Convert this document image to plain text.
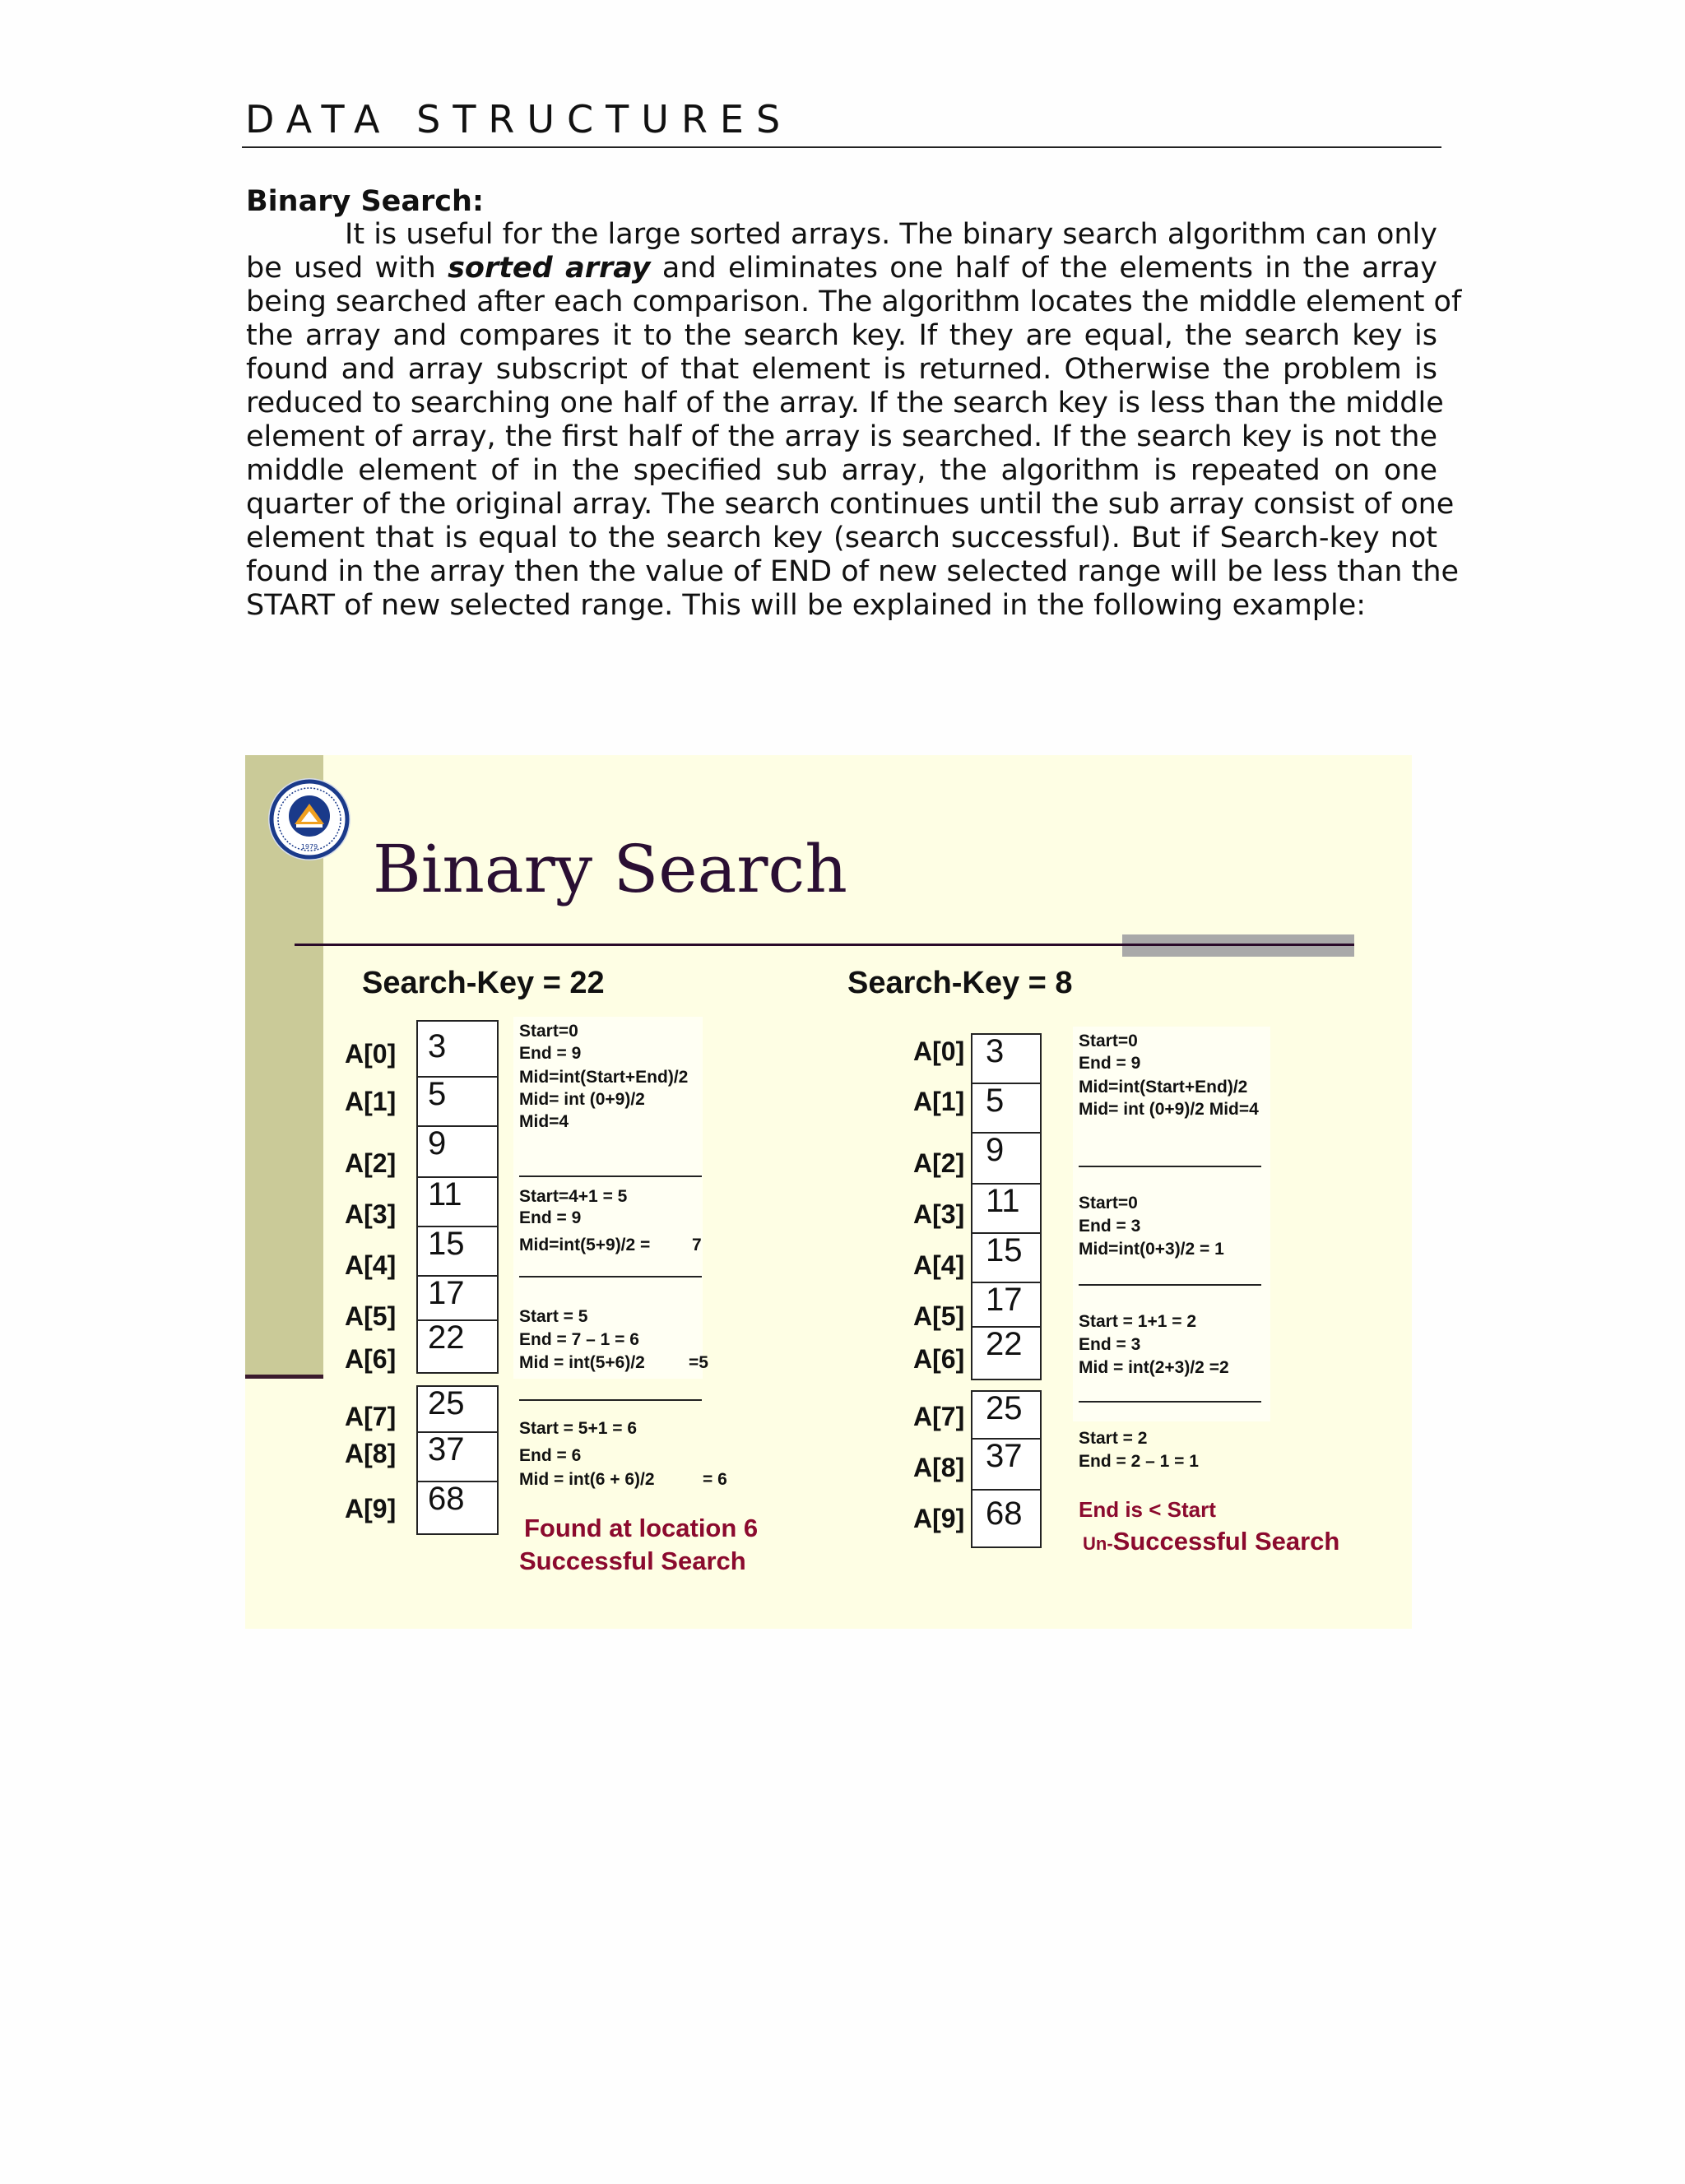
DATA STRUCTURES
Binary Search:
It is useful for the large sorted arrays. The binary search algorithm can only
be used with sorted array and eliminates one half of the elements in the array
being searched after each comparison. The algorithm locates the middle element of
the array and compares it to the search key. If they are equal, the search key is
found and array subscript of that element is returned. Otherwise the problem is
reduced to searching one half of the array. If the search key is less than the middle
element of array, the first half of the array is searched. If the search key is not the
middle element of in the specified sub array, the algorithm is repeated on one
quarter of the original array. The search continues until the sub array consist of one
element that is equal to the search key (search successful). But if Search-key not
found in the array then the value of END of new selected range will be less than the
START of new selected range. This will be explained in the following example:
1979 Binary Search
Search-Key = 22
A[0]
A[1]
A[2]
A[3]
A[4]
A[5]
A[6]
A[7]
A[8]
A[9]
3
5
9
11
15
17
22
25
37
68
Start=0
End = 9
Mid=int(Start+End)/2
Mid= int (0+9)/2
Mid=4
Start=4+1 = 5
End = 9
Mid=int(5+9)/2 = 7
Start = 5
End = 7 – 1 = 6
Mid = int(5+6)/2	=5
Start = 5+1 = 6
End = 6
Mid = int(6 + 6)/2	= 6
Found at location 6
Successful Search
Search-Key = 8
A[0]
A[1]
A[2]
A[3]
A[4]
A[5]
A[6]
A[7]
A[8]
A[9]
3
5
9
11
15
17
22
25
37
68
Start=0
End = 9
Mid=int(Start+End)/2
Mid= int (0+9)/2 Mid=4
Start=0
End = 3
Mid=int(0+3)/2 = 1
Start = 1+1 = 2
End = 3
Mid = int(2+3)/2 =2
Start = 2
End = 2 – 1 = 1
End is < Start
Un-Successful Search
